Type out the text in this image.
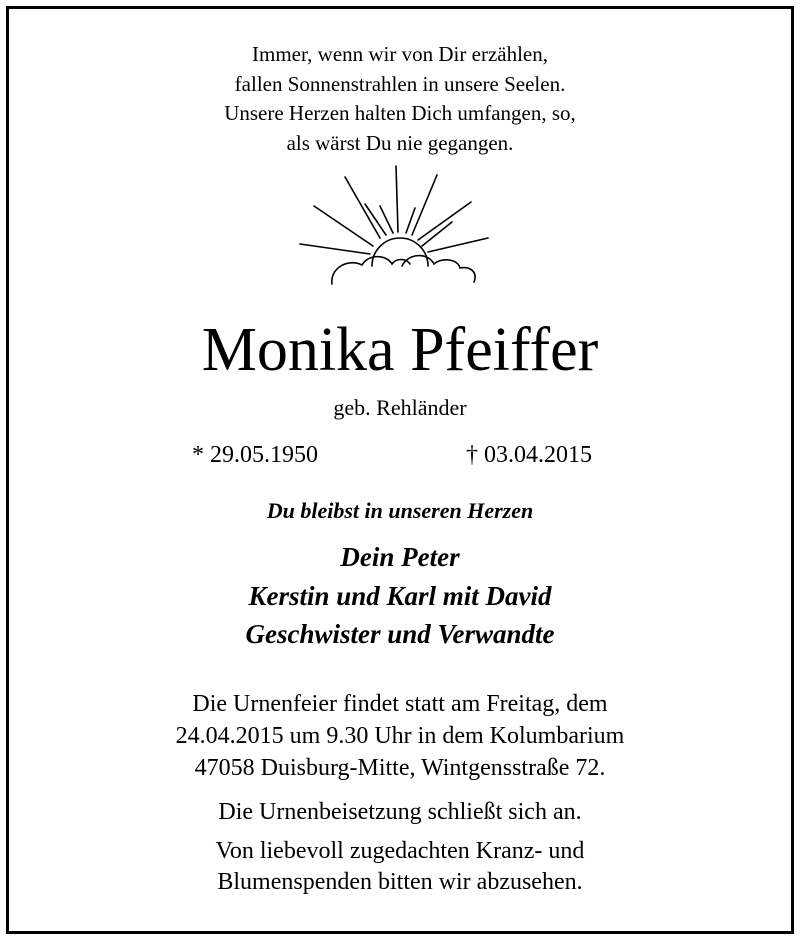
Immer, wenn wir von Dir erzählen,
fallen Sonnenstrahlen in unsere Seelen.
Unsere Herzen halten Dich umfangen, so,
als wärst Du nie gegangen.
Monika Pfeiffer
geb. Rehländer
* 29.05.1950	† 03.04.2015
Du bleibst in unseren Herzen
Dein Peter
Kerstin und Karl mit David
Geschwister und Verwandte
Die Urnenfeier findet statt am Freitag, dem
24.04.2015 um 9.30 Uhr in dem Kolumbarium
47058 Duisburg-Mitte, Wintgensstraße 72.
Die Urnenbeisetzung schließt sich an.
Von liebevoll zugedachten Kranz- und
Blumenspenden bitten wir abzusehen.
